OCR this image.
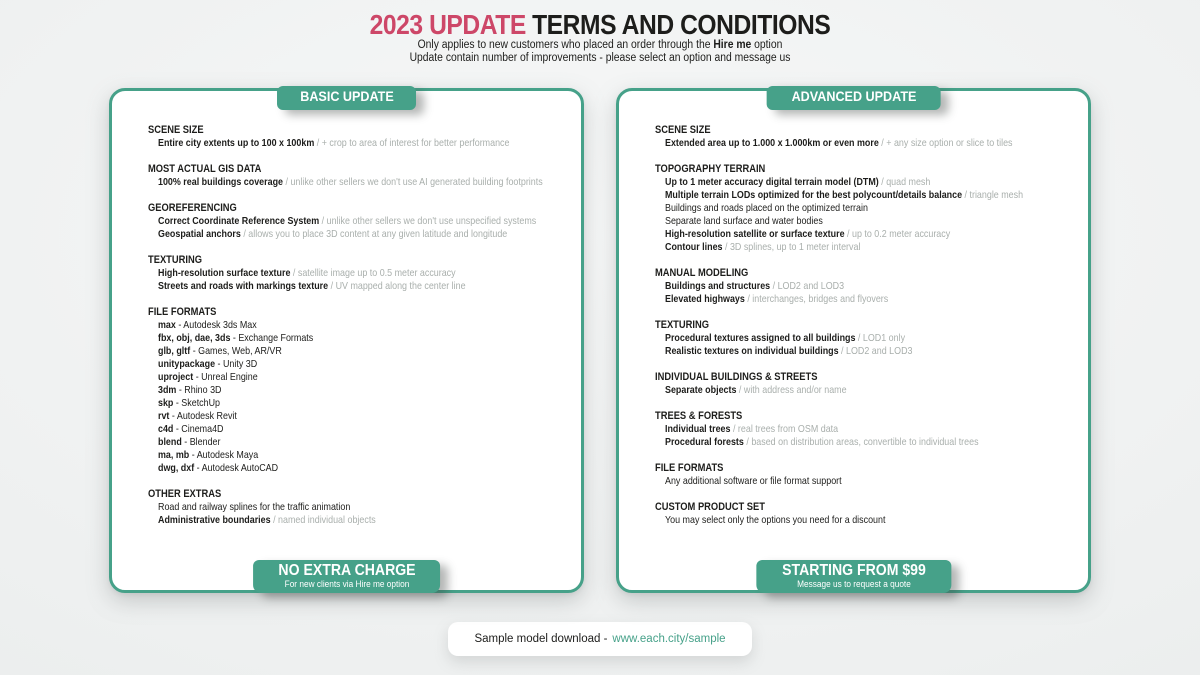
2023 UPDATE TERMS AND CONDITIONS
Only applies to new customers who placed an order through the Hire me option
Update contain number of improvements - please select an option and message us
BASIC UPDATE
SCENE SIZE
Entire city extents up to 100 x 100km / + crop to area of interest for better performance
MOST ACTUAL GIS DATA
100% real buildings coverage / unlike other sellers we don't use AI generated building footprints
GEOREFERENCING
Correct Coordinate Reference System / unlike other sellers we don't use unspecified systems
Geospatial anchors / allows you to place 3D content at any given latitude and longitude
TEXTURING
High-resolution surface texture / satellite image up to 0.5 meter accuracy
Streets and roads with markings texture / UV mapped along the center line
FILE FORMATS
max - Autodesk 3ds Max
fbx, obj, dae, 3ds - Exchange Formats
glb, gltf - Games, Web, AR/VR
unitypackage - Unity 3D
uproject - Unreal Engine
3dm - Rhino 3D
skp - SketchUp
rvt - Autodesk Revit
c4d - Cinema4D
blend - Blender
ma, mb - Autodesk Maya
dwg, dxf - Autodesk AutoCAD
OTHER EXTRAS
Road and railway splines for the traffic animation
Administrative boundaries / named individual objects
NO EXTRA CHARGE
For new clients via Hire me option
ADVANCED UPDATE
SCENE SIZE
Extended area up to 1.000 x 1.000km or even more / + any size option or slice to tiles
TOPOGRAPHY TERRAIN
Up to 1 meter accuracy digital terrain model (DTM) / quad mesh
Multiple terrain LODs optimized for the best polycount/details balance / triangle mesh
Buildings and roads placed on the optimized terrain
Separate land surface and water bodies
High-resolution satellite or surface texture / up to 0.2 meter accuracy
Contour lines / 3D splines, up to 1 meter interval
MANUAL MODELING
Buildings and structures / LOD2 and LOD3
Elevated highways / interchanges, bridges and flyovers
TEXTURING
Procedural textures assigned to all buildings / LOD1 only
Realistic textures on individual buildings / LOD2 and LOD3
INDIVIDUAL BUILDINGS & STREETS
Separate objects / with address and/or name
TREES & FORESTS
Individual trees / real trees from OSM data
Procedural forests / based on distribution areas, convertible to individual trees
FILE FORMATS
Any additional software or file format support
CUSTOM PRODUCT SET
You may select only the options you need for a discount
STARTING FROM $99
Message us to request a quote
Sample model download - www.each.city/sample
